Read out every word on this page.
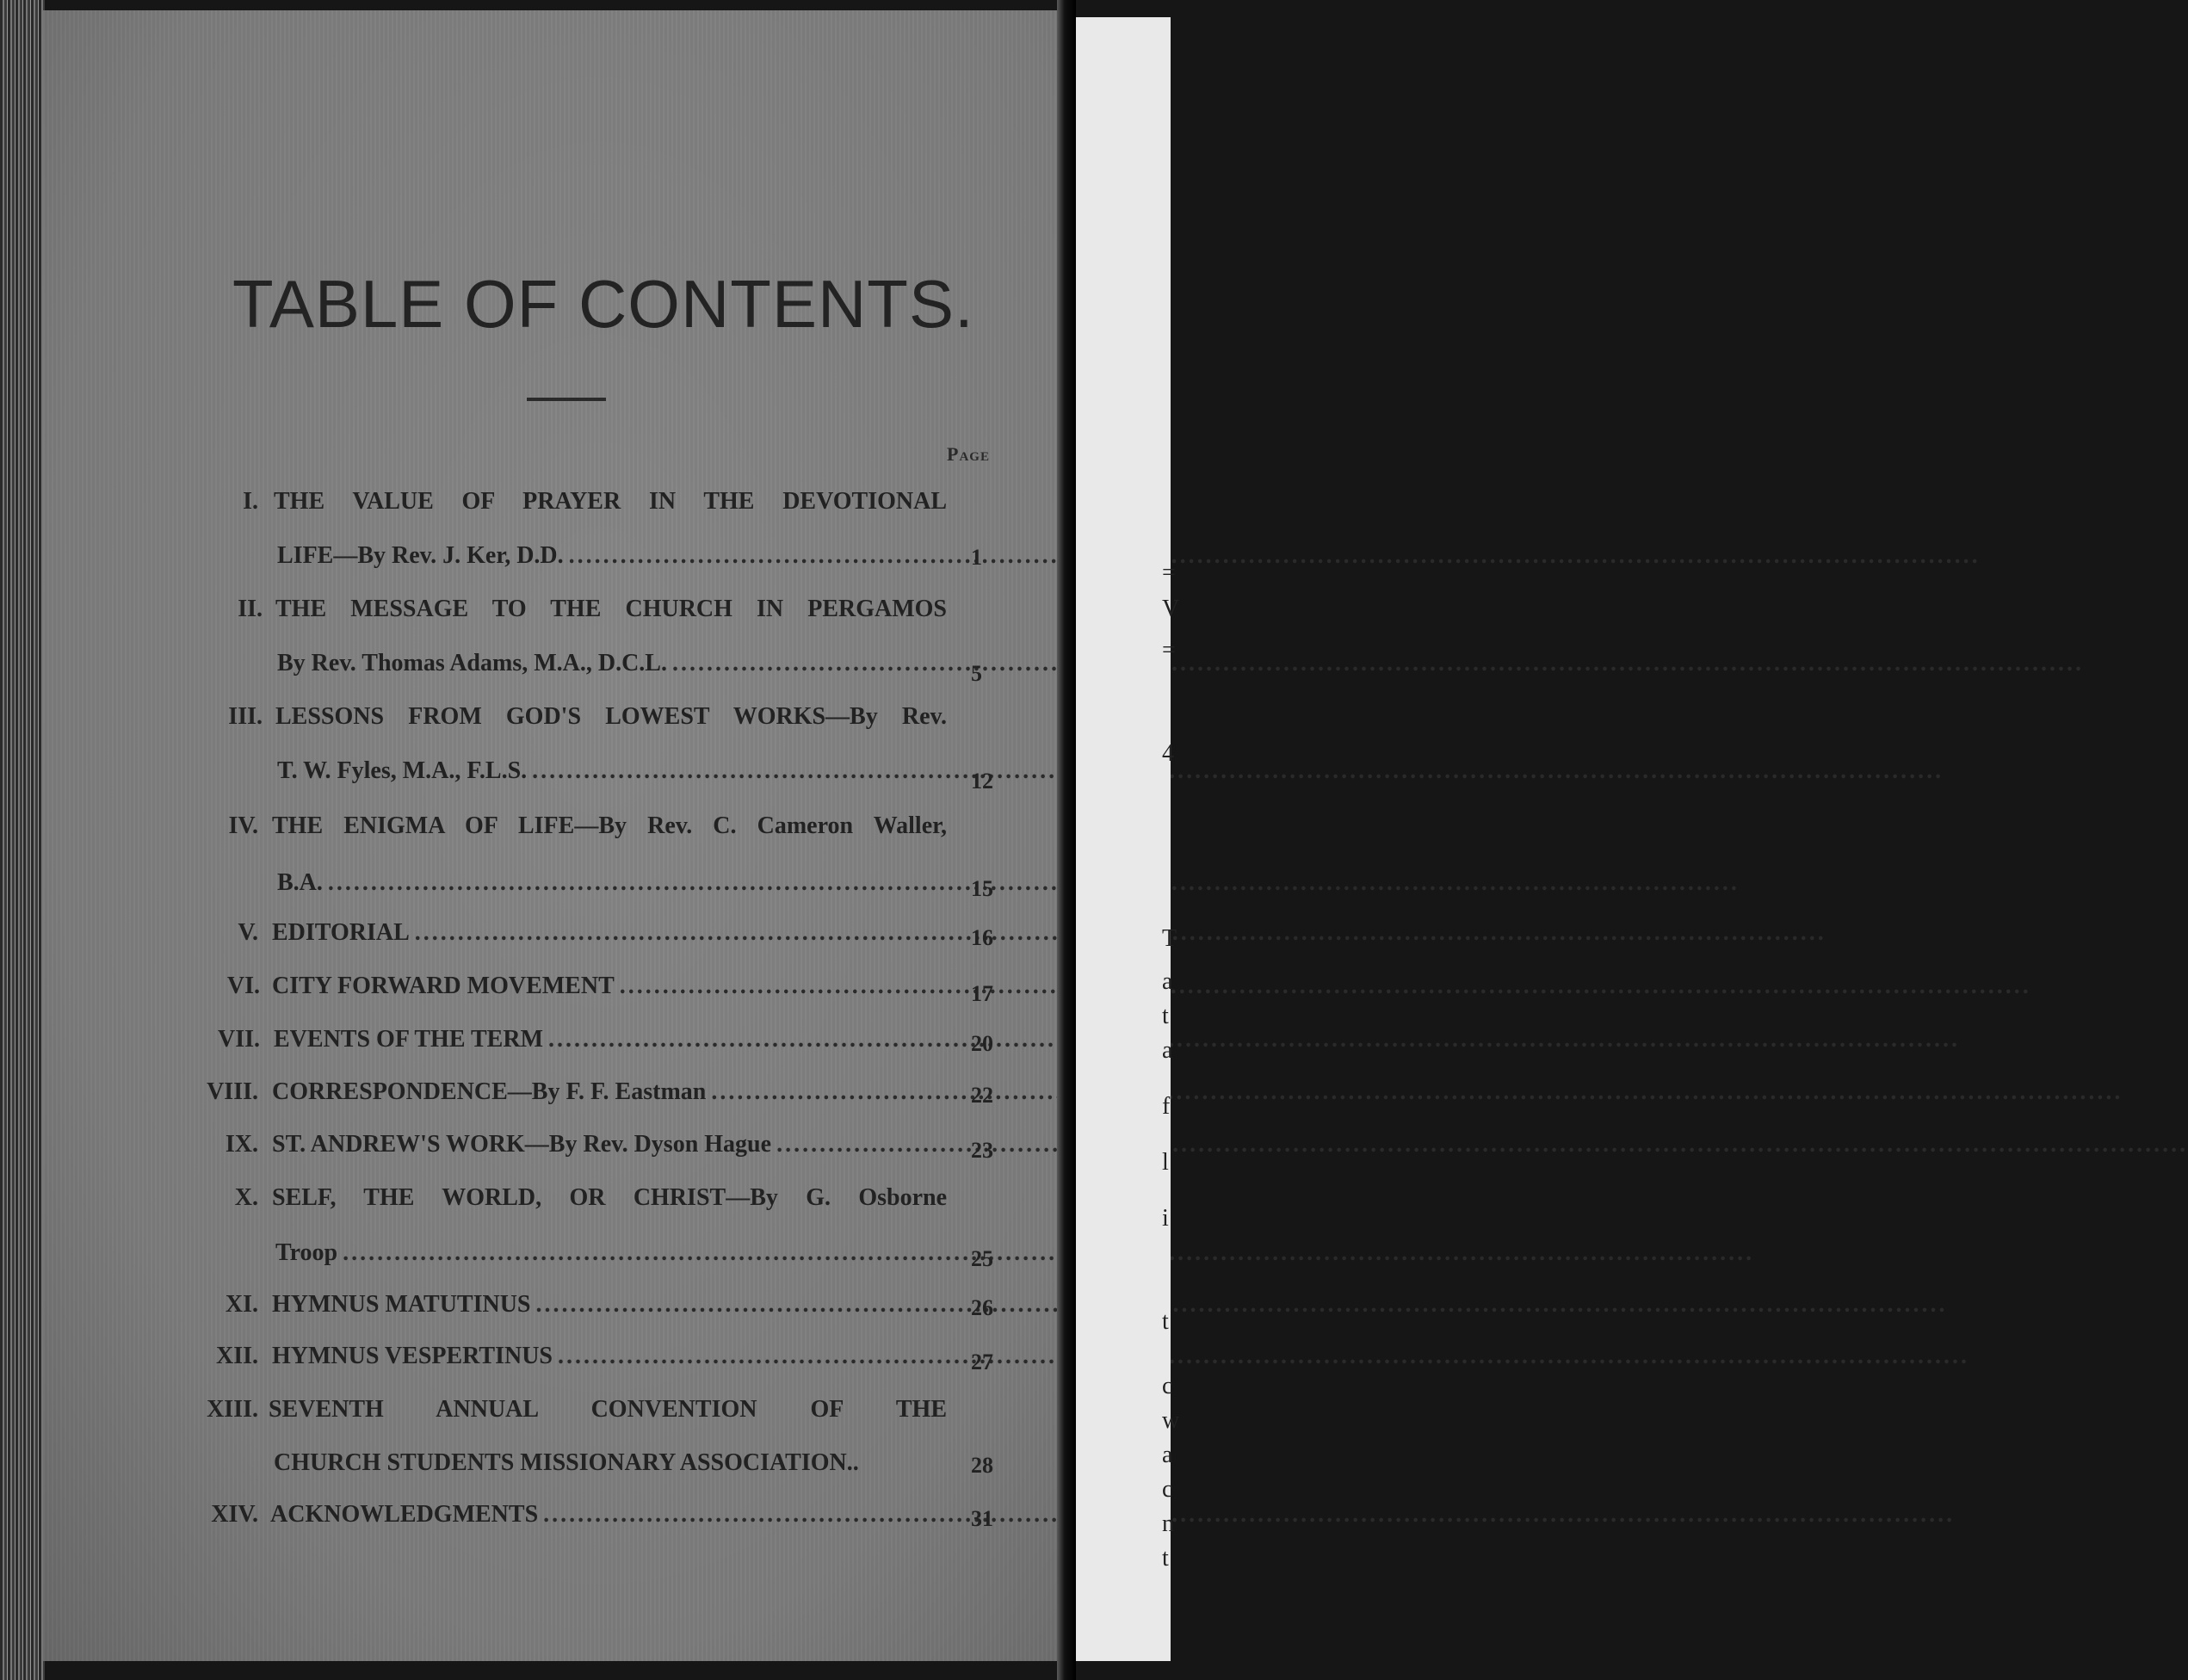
TABLE OF CONTENTS.
Page
I. THE VALUE OF PRAYER IN THE DEVOTIONAL
LIFE—By Rev. J. Ker, D.D. .....	1
II. THE MESSAGE TO THE CHURCH IN PERGAMOS
By Rev. Thomas Adams, M.A., D.C.L. .....	5
III. LESSONS FROM GOD'S LOWEST WORKS—By Rev.
T. W. Fyles, M.A., F.L.S. .....	12
IV. THE ENIGMA OF LIFE—By Rev. C. Cameron Waller,
B.A. .....	15
V. EDITORIAL .....	16
VI. CITY FORWARD MOVEMENT .....	17
VII. EVENTS OF THE TERM .....	20
VIII. CORRESPONDENCE—By F. F. Eastman .....	22
IX. ST. ANDREW'S WORK—By Rev. Dyson Hague .....	23
X. SELF, THE WORLD, OR CHRIST—By G. Osborne
Troop .....	25
XI. HYMNUS MATUTINUS .....	26
XII. HYMNUS VESPERTINUS .....	27
XIII. SEVENTH ANNUAL CONVENTION OF THE
CHURCH STUDENTS MISSIONARY ASSOCIATION..	28
XIV. ACKNOWLEDGMENTS .....	31
=
V
=
4
T
a
t
a
f
l
i
t
c
w
a
c
n
t
